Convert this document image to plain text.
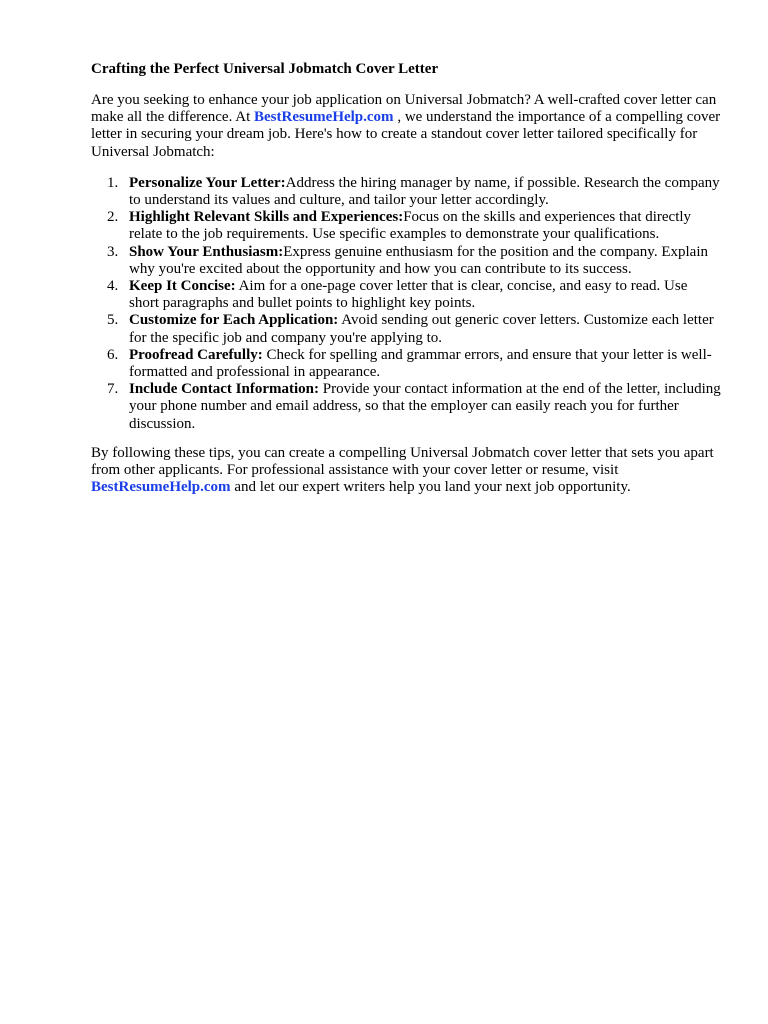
Crafting the Perfect Universal Jobmatch Cover Letter

Are you seeking to enhance your job application on Universal Jobmatch? A well-crafted cover letter can make all the difference. At BestResumeHelp.com , we understand the importance of a compelling cover letter in securing your dream job. Here's how to create a standout cover letter tailored specifically for Universal Jobmatch:

1. Personalize Your Letter:Address the hiring manager by name, if possible. Research the company to understand its values and culture, and tailor your letter accordingly.
2. Highlight Relevant Skills and Experiences:Focus on the skills and experiences that directly relate to the job requirements. Use specific examples to demonstrate your qualifications.
3. Show Your Enthusiasm:Express genuine enthusiasm for the position and the company. Explain why you're excited about the opportunity and how you can contribute to its success.
4. Keep It Concise: Aim for a one-page cover letter that is clear, concise, and easy to read. Use short paragraphs and bullet points to highlight key points.
5. Customize for Each Application: Avoid sending out generic cover letters. Customize each letter for the specific job and company you're applying to.
6. Proofread Carefully: Check for spelling and grammar errors, and ensure that your letter is well-formatted and professional in appearance.
7. Include Contact Information: Provide your contact information at the end of the letter, including your phone number and email address, so that the employer can easily reach you for further discussion.

By following these tips, you can create a compelling Universal Jobmatch cover letter that sets you apart from other applicants. For professional assistance with your cover letter or resume, visit BestResumeHelp.com and let our expert writers help you land your next job opportunity.
